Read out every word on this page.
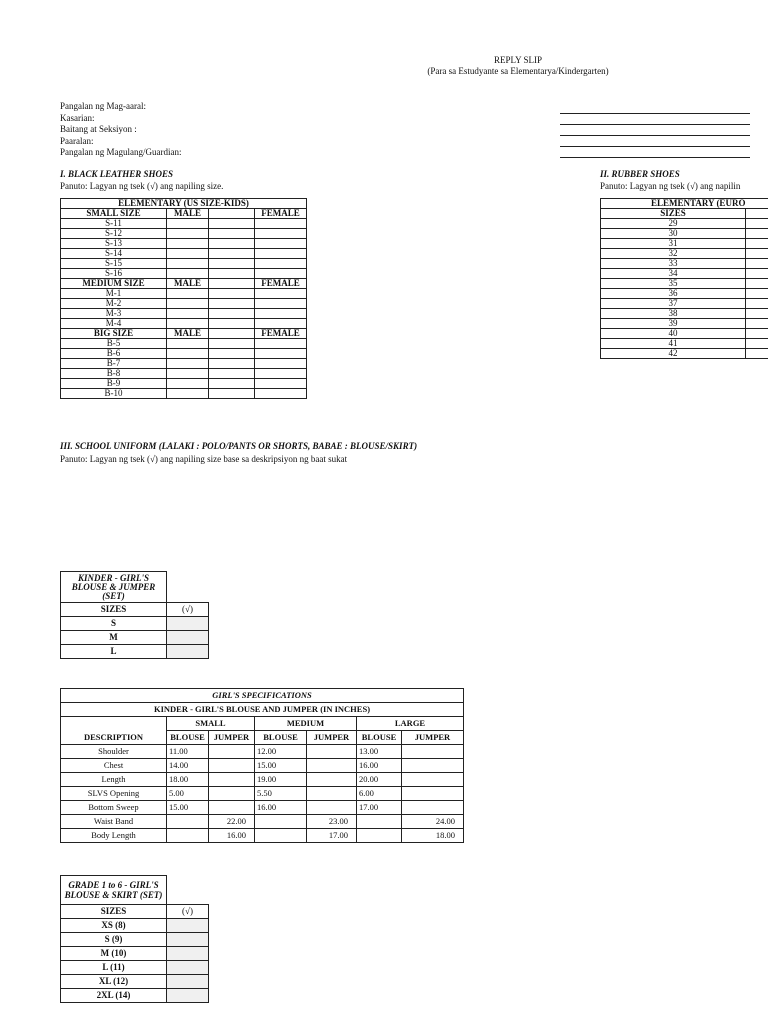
REPLY SLIP
(Para sa Estudyante sa Elementarya/Kindergarten)
Pangalan ng Mag-aaral:
Kasarian:
Baitang at Seksiyon :
Paaralan:
Pangalan ng Magulang/Guardian:
I. BLACK LEATHER SHOES
Panuto: Lagyan ng tsek (√) ang napiling size.
ELEMENTARY (US SIZE-KIDS)			
SMALL SIZE	MALE		FEMALE
S-11			
S-12			
S-13			
S-14			
S-15			
S-16			
MEDIUM SIZE	MALE		FEMALE
M-1			
M-2			
M-3			
M-4			
BIG SIZE	MALE		FEMALE
B-5			
B-6			
B-7			
B-8			
B-9			
B-10			
II. RUBBER SHOES
Panuto: Lagyan ng tsek (√) ang napilin
ELEMENTARY (EURO	
SIZES	
29	
30	
31	
32	
33	
34	
35	
36	
37	
38	
39	
40	
41	
42	
III. SCHOOL UNIFORM (LALAKI : POLO/PANTS OR SHORTS, BABAE : BLOUSE/SKIRT)
Panuto: Lagyan ng tsek (√) ang napiling size base sa deskripsiyon ng baat sukat
KINDER - GIRL'S BLOUSE & JUMPER (SET)	
SIZES	(√)
S	
M	
L	
GIRL'S SPECIFICATIONS						
KINDER - GIRL'S BLOUSE AND JUMPER (IN INCHES)						
	SMALL		MEDIUM		LARGE	
DESCRIPTION	BLOUSE	JUMPER	BLOUSE	JUMPER	BLOUSE	JUMPER
Shoulder	11.00		12.00		13.00	
Chest	14.00		15.00		16.00	
Length	18.00		19.00		20.00	
SLVS Opening	5.00		5.50		6.00	
Bottom Sweep	15.00		16.00		17.00	
Waist Band		22.00		23.00		24.00
Body Length		16.00		17.00		18.00
GRADE 1 to 6 - GIRL'S BLOUSE & SKIRT (SET)	
SIZES	(√)
XS (8)	
S (9)	
M (10)	
L (11)	
XL (12)	
2XL (14)	
